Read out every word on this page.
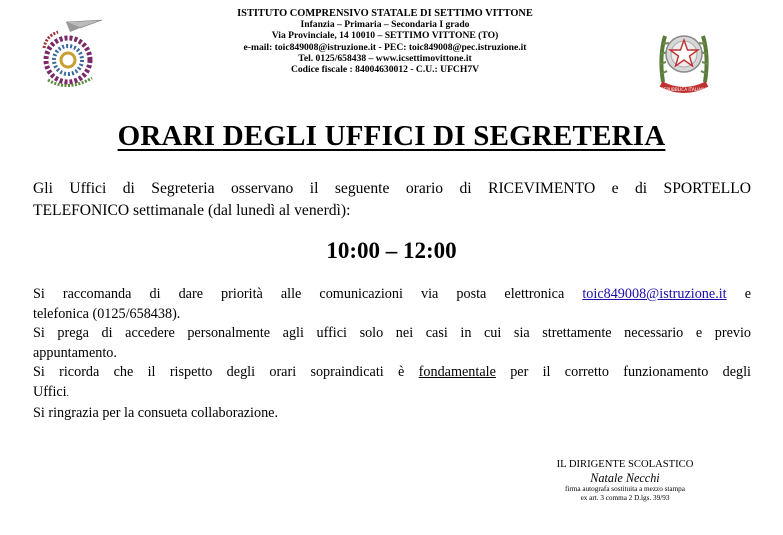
ISTITUTO COMPRENSIVO STATALE DI SETTIMO VITTONE
Infanzia – Primaria – Secondaria I grado
Via Provinciale, 14 10010 – SETTIMO VITTONE (TO)
e-mail: toic849008@istruzione.it - PEC: toic849008@pec.istruzione.it
Tel. 0125/658438 – www.icsettimovittone.it
Codice fiscale : 84004630012 - C.U.: UFCH7V
REPUBBLICA ITALIANA
ORARI DEGLI UFFICI DI SEGRETERIA
Gli Uffici di Segreteria osservano il seguente orario di RICEVIMENTO e di SPORTELLO
TELEFONICO settimanale (dal lunedì al venerdì):
10:00 – 12:00

Si raccomanda di dare priorità alle comunicazioni via posta elettronica toic849008@istruzione.it e
telefonica (0125/658438).

Si prega di accedere personalmente agli uffici solo nei casi in cui sia strettamente necessario e previo
appuntamento.

Si ricorda che il rispetto degli orari sopraindicati è fondamentale per il corretto funzionamento degli
Uffici.

Si ringrazia per la consueta collaborazione.

IL DIRIGENTE SCOLASTICO
Natale Necchi
firma autografa sostituita a mezzo stampa
ex art. 3 comma 2 D.lgs. 39/93
